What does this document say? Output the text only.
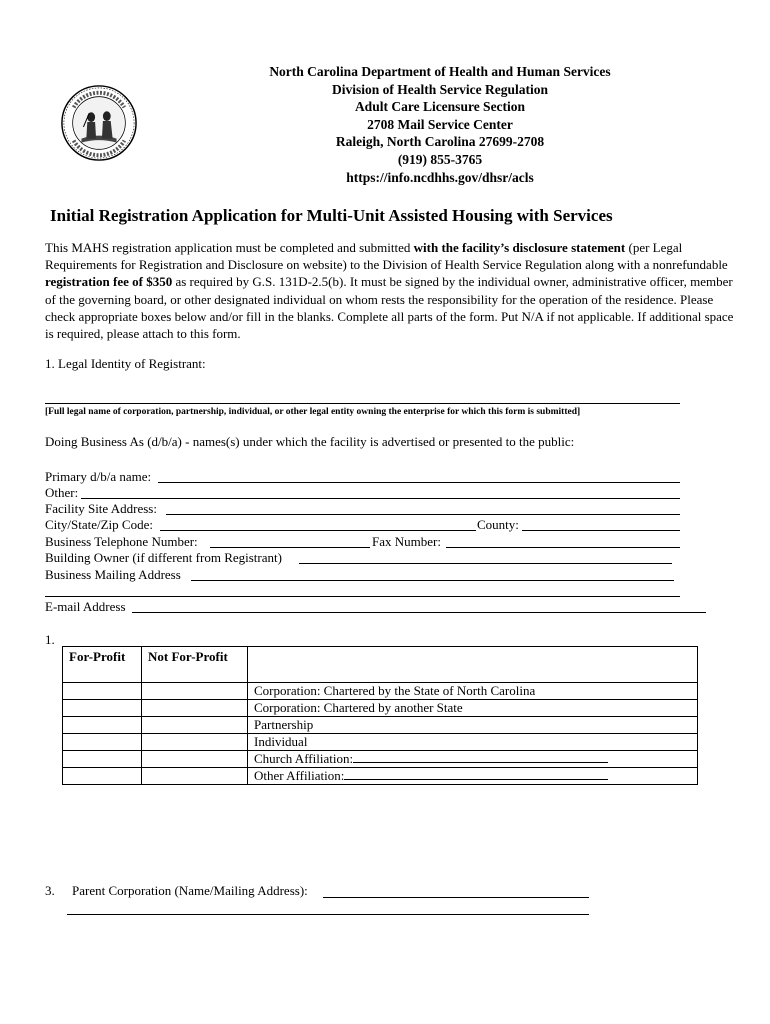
North Carolina Department of Health and Human Services
Division of Health Service Regulation
Adult Care Licensure Section
2708 Mail Service Center
Raleigh, North Carolina 27699-2708
(919) 855-3765
https://info.ncdhhs.gov/dhsr/acls
Initial Registration Application for Multi-Unit Assisted Housing with Services
This MAHS registration application must be completed and submitted with the facility’s disclosure statement (per Legal Requirements for Registration and Disclosure on website) to the Division of Health Service Regulation along with a nonrefundable registration fee of $350 as required by G.S. 131D-2.5(b). It must be signed by the individual owner, administrative officer, member of the governing board, or other designated individual on whom rests the responsibility for the operation of the residence. Please check appropriate boxes below and/or fill in the blanks. Complete all parts of the form. Put N/A if not applicable. If additional space is required, please attach to this form.
1. Legal Identity of Registrant:
[Full legal name of corporation, partnership, individual, or other legal entity owning the enterprise for which this form is submitted]
Doing Business As (d/b/a) - names(s) under which the facility is advertised or presented to the public:
Primary d/b/a name:
Other:
Facility Site Address:
City/State/Zip Code:	County:
Business Telephone Number:	Fax Number:
Building Owner (if different from Registrant)
Business Mailing Address
E-mail Address
1.
For-Profit	Not For-Profit	
		Corporation: Chartered by the State of North Carolina
		Corporation: Chartered by another State
		Partnership
		Individual
		Church Affiliation:
		Other Affiliation:
3. Parent Corporation (Name/Mailing Address):
